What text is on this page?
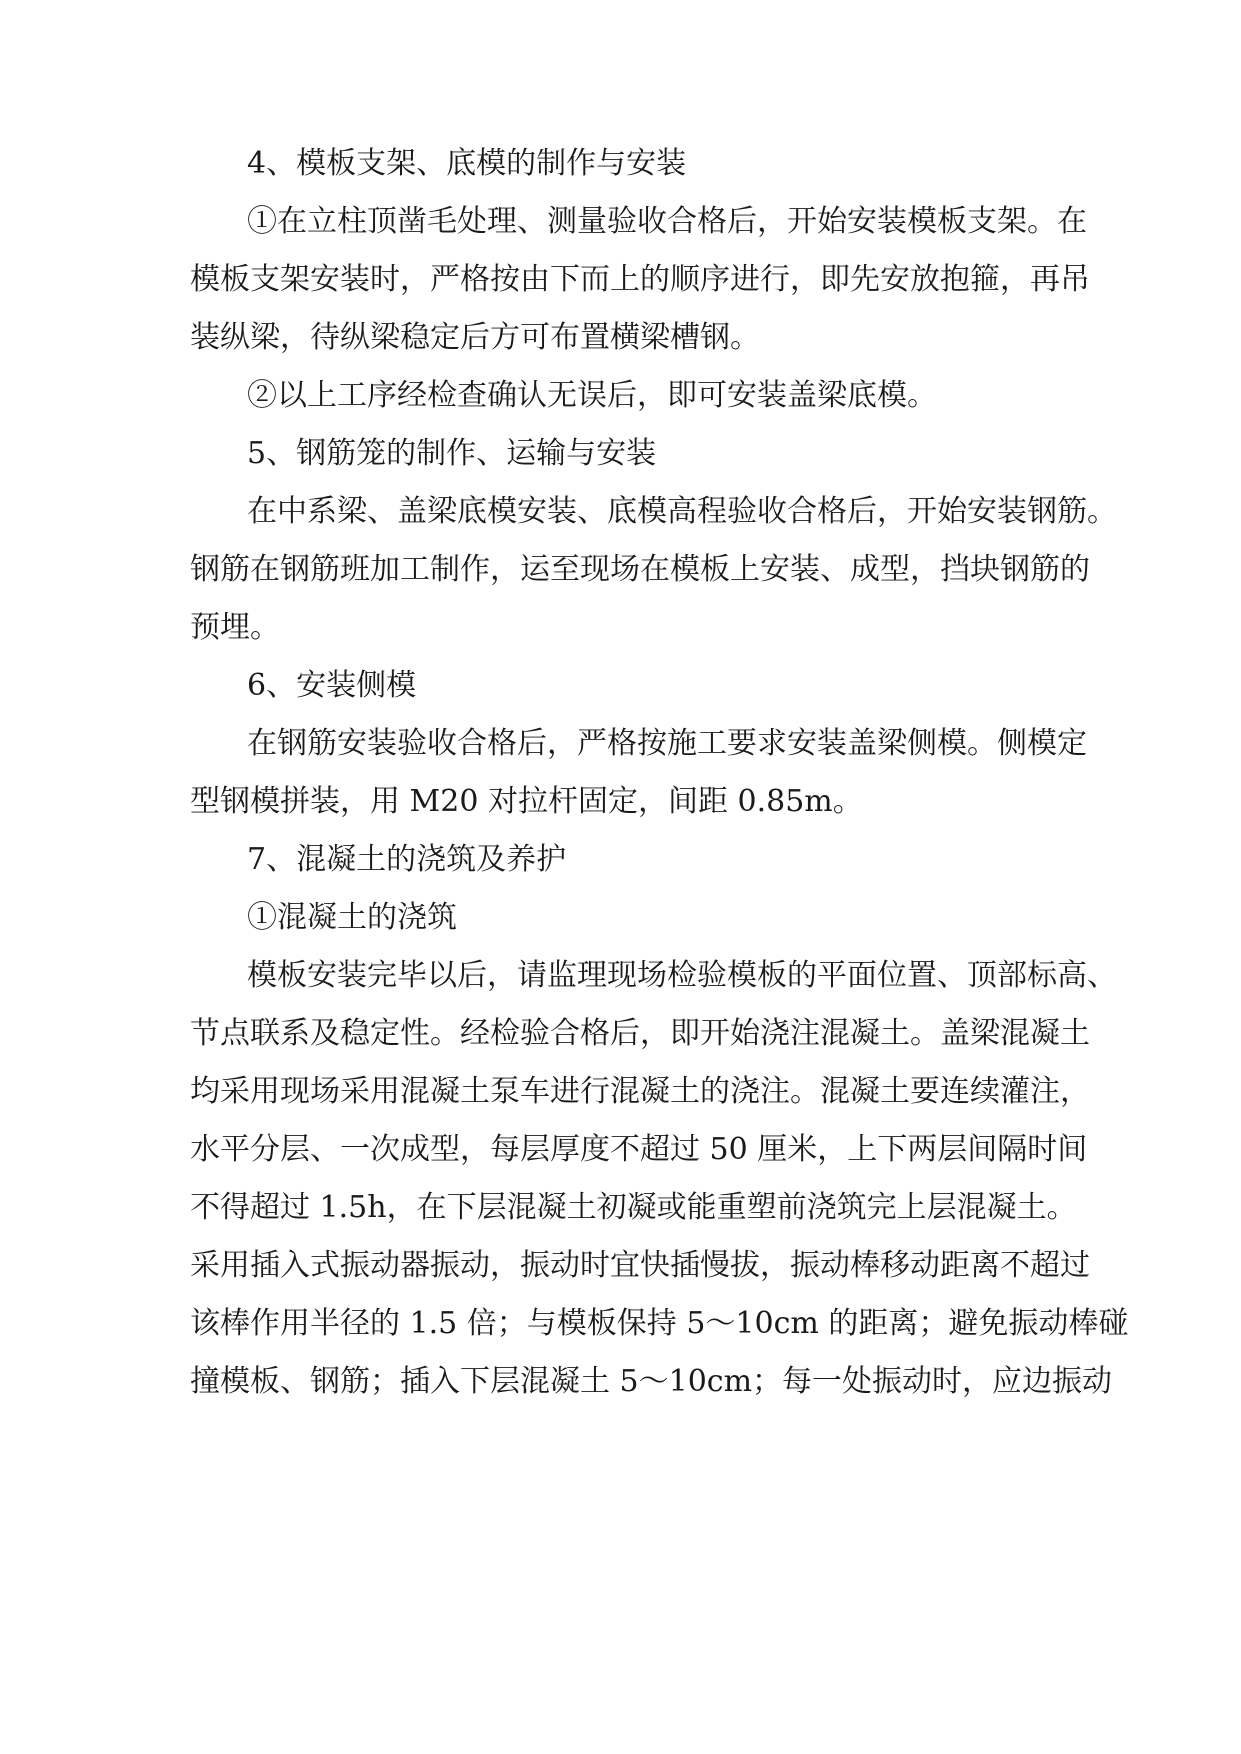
4、模板支架、底模的制作与安装
①在立柱顶凿毛处理、测量验收合格后，开始安装模板支架。在
模板支架安装时，严格按由下而上的顺序进行，即先安放抱箍，再吊
装纵梁，待纵梁稳定后方可布置横梁槽钢。
②以上工序经检查确认无误后，即可安装盖梁底模。
5、钢筋笼的制作、运输与安装
在中系梁、盖梁底模安装、底模高程验收合格后，开始安装钢筋。
钢筋在钢筋班加工制作，运至现场在模板上安装、成型，挡块钢筋的
预埋。
6、安装侧模
在钢筋安装验收合格后，严格按施工要求安装盖梁侧模。侧模定
型钢模拼装，用 M20 对拉杆固定，间距 0.85m。
7、混凝土的浇筑及养护
①混凝土的浇筑
模板安装完毕以后，请监理现场检验模板的平面位置、顶部标高、
节点联系及稳定性。经检验合格后，即开始浇注混凝土。盖梁混凝土
均采用现场采用混凝土泵车进行混凝土的浇注。混凝土要连续灌注，
水平分层、一次成型，每层厚度不超过 50 厘米，上下两层间隔时间
不得超过 1.5h，在下层混凝土初凝或能重塑前浇筑完上层混凝土。
采用插入式振动器振动，振动时宜快插慢拔，振动棒移动距离不超过
该棒作用半径的 1.5 倍；与模板保持 5～10cm 的距离；避免振动棒碰
撞模板、钢筋；插入下层混凝土 5～10cm；每一处振动时，应边振动
